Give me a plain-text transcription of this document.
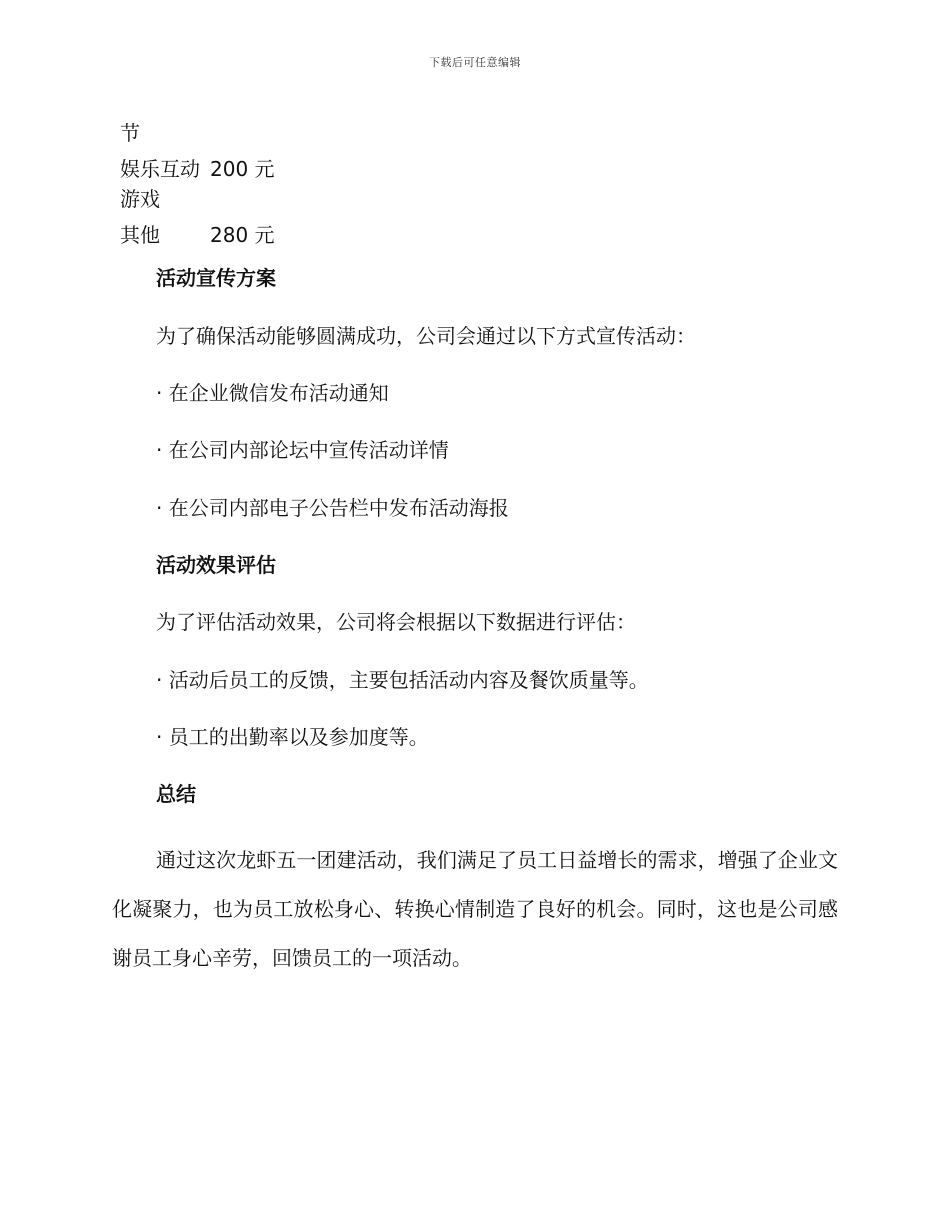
下载后可任意编辑
节
娱乐互动游戏
200 元
其他	280 元
活动宣传方案
为了确保活动能够圆满成功，公司会通过以下方式宣传活动：
· 在企业微信发布活动通知
· 在公司内部论坛中宣传活动详情
· 在公司内部电子公告栏中发布活动海报
活动效果评估
为了评估活动效果，公司将会根据以下数据进行评估：
· 活动后员工的反馈，主要包括活动内容及餐饮质量等。
· 员工的出勤率以及参加度等。
总结
通过这次龙虾五一团建活动，我们满足了员工日益增长的需求，增强了企业文化凝聚力，也为员工放松身心、转换心情制造了良好的机会。同时，这也是公司感谢员工身心辛劳，回馈员工的一项活动。
